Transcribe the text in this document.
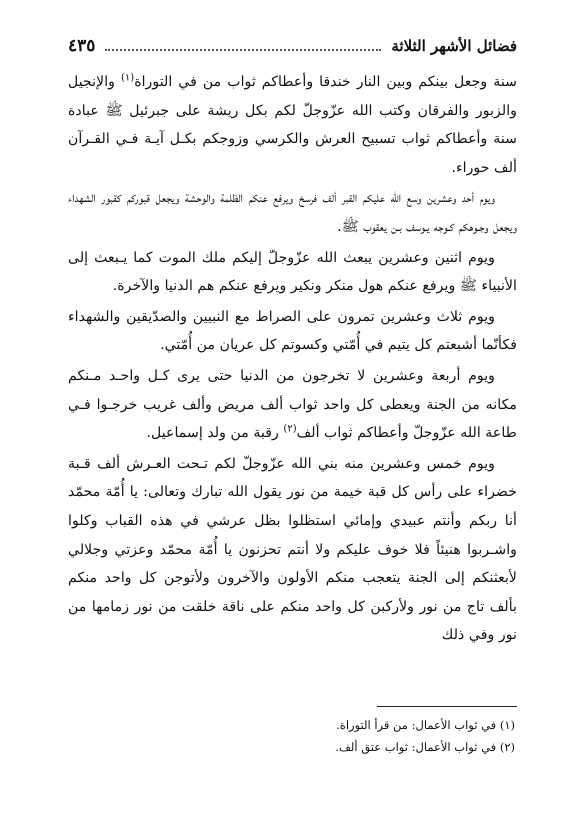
فضائل الأشهر الثلاثة
٤٣٥

سنة وجعل بينكم وبين النار خندقا وأعطاكم ثواب من في التوراة$^{(١)}$ والإنجيل والزبور والفرقان وكتب الله عزّوجلّ لكم بكل ريشة على جبرئيل ﷺ عبادة سنة وأعطاكم ثواب تسبيح العرش والكرسي وزوجكم بكـل آيـة فـي القـرآن ألف حوراء.

ويوم أحد وعشرين وسع الله عليكم القبر ألف فرسخ ويرفع عنكم الظلمة والوحشة ويجعل قبوركم كقبور الشهداء ويجعل وجـوهكم كـوجه يـوسف بـن يعقوب ﷺ.

ويوم اثنين وعشرين يبعث الله عزّوجلّ إليكم ملك الموت كما يـبعث إلى الأنبياء ﷺ ويرفع عنكم هول منكر ونكير ويرفع عنكم هم الدنيا والآخرة.

ويوم ثلاث وعشرين تمرون على الصراط مع النبيين والصدّيقين والشهداء فكأنّما أشبعتم كل يتيم في أُمّتي وكسوتم كل عريان من أُمّتي.

ويوم أربعة وعشرين لا تخرجون من الدنيا حتى يرى كـل واحـد مـنكم مكانه من الجنة ويعطى كل واحد ثواب ألف مريض وألف غريب خرجـوا فـي طاعة الله عزّوجلّ وأعطاكم ثواب ألف$^{(٢)}$ رقبة من ولد إسماعيل.

ويوم خمس وعشرين منه بني الله عزّوجلّ لكم تـحت العـرش ألف قـبة خضراء على رأس كل قبة خيمة من نور يقول الله تبارك وتعالى: يا أُمّة محمّد أنا ربكم وأنتم عبيدي وإمائي استظلوا بظل عرشي في هذه القباب وكلوا واشـربوا هنيئاً فلا خوف عليكم ولا أنتم تحزنون يا أُمّة محمّد وعزتي وجلالي لأبعثنكم إلى الجنة يتعجب منكم الأولون والآخرون ولأتوجن كل واحد منكم بألف تاج من نور ولأركبن كل واحد منكم على ناقة خلقت من نور زمامها من نور وفي ذلك

(١) في ثواب الأعمال: من قرأ التوراة.
(٢) في ثواب الأعمال: ثواب عتق ألف.
